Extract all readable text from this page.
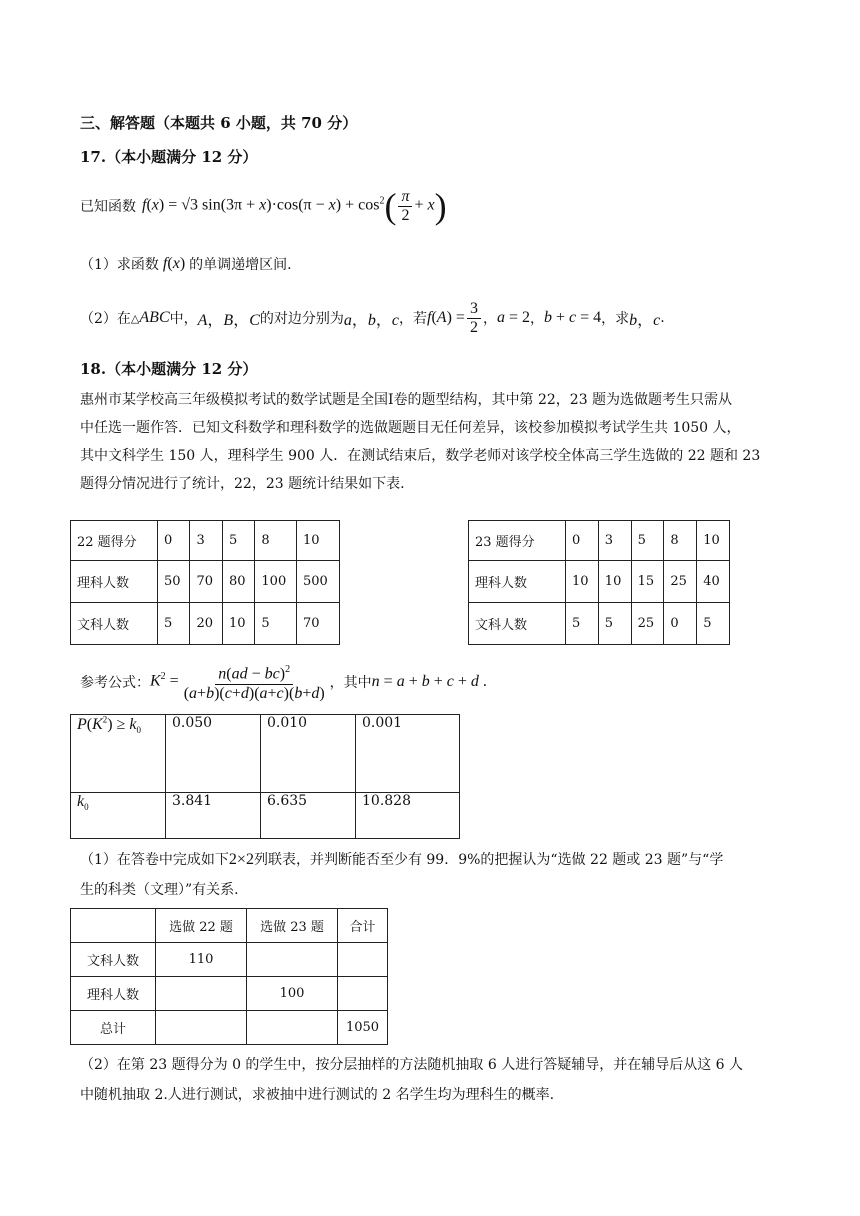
三、解答题（本题共 6 小题，共 70 分）
17.（本小题满分 12 分）
已知函数 f(x) = √3 $\sin(3\pi + x)\cdot\cos(\pi - x) + \cos^2( \frac{\pi}{2} + x)$
（1）求函数 f(x) 的单调递增区间.
（2）在 △ABC 中， A，B，C 的对边分别为 a，b，c ，若 $f(A) = \frac{3}{2}$ ， a = 2 ， b + c = 4 ，求 b，c .
18.（本小题满分 12 分）
惠州市某学校高三年级模拟考试的数学试题是全国Ⅰ卷的题型结构，其中第 22，23 题为选做题考生只需从
中任选一题作答．已知文科数学和理科数学的选做题题目无任何差异，该校参加模拟考试学生共 1050 人，
其中文科学生 150 人，理科学生 900 人．在测试结束后，数学老师对该学校全体高三学生选做的 22 题和 23
题得分情况进行了统计，22，23 题统计结果如下表.
22 题得分	0	3	5	8	10
理科人数	50	70	80	100	500
文科人数	5	20	10	5	70
23 题得分	0	3	5	8	10
理科人数	10	10	15	25	40
文科人数	5	5	25	0	5
参考公式： $K^2 = \frac{n(ad - bc)^2}{(a+b)(c+d)(a+c)(b+d)}$ ，其中 n = a + b + c + d .
$P(K^2) \ge k_0$	0.050	0.010	0.001
$k_0$	3.841	6.635	10.828
（1）在答卷中完成如下2×2列联表，并判断能否至少有 99．9%的把握认为“选做 22 题或 23 题”与“学
生的科类（文理）”有关系.
	选做 22 题	选做 23 题	合计
文科人数	110		
理科人数		100	
总计			1050
（2）在第 23 题得分为 0 的学生中，按分层抽样的方法随机抽取 6 人进行答疑辅导，并在辅导后从这 6 人
中随机抽取 2.人进行测试，求被抽中进行测试的 2 名学生均为理科生的概率.
